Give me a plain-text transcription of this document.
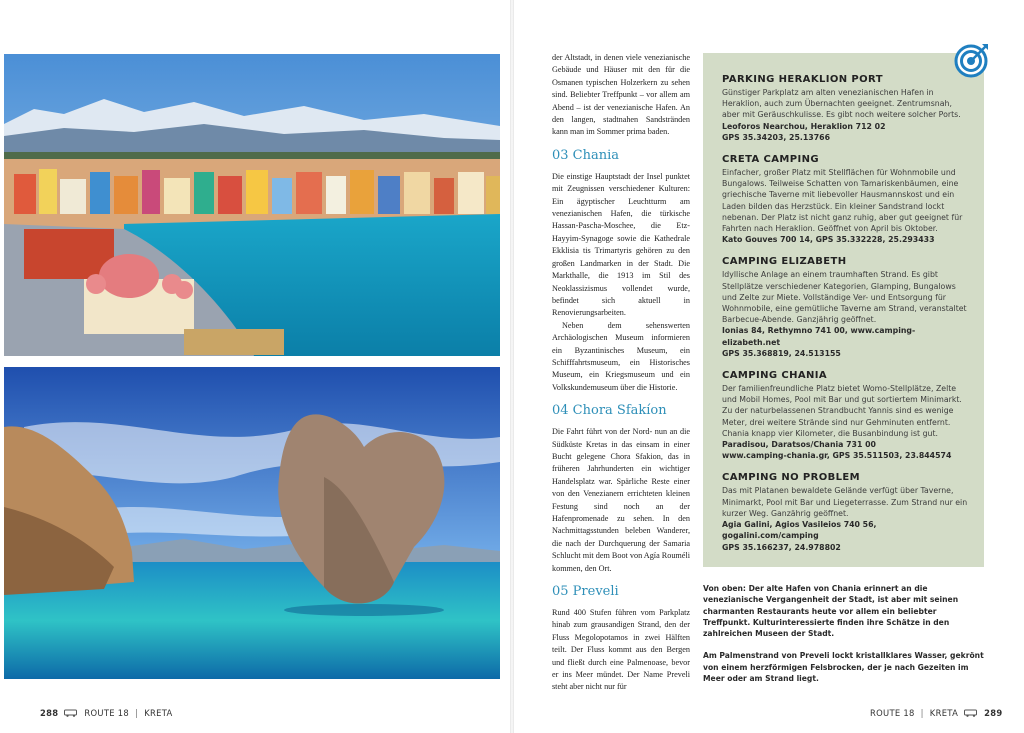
der Altstadt, in denen viele venezianische Gebäude und Häuser mit den für die Osmanen typischen Holzerkern zu sehen sind. Beliebter Treffpunkt – vor allem am Abend – ist der venezianische Hafen. An den langen, stadtnahen Sandstränden kann man im Sommer prima baden.

03 Chania

Die einstige Hauptstadt der Insel punktet mit Zeugnissen verschiedener Kulturen: Ein ägyptischer Leuchtturm am venezianischen Hafen, die türkische Hassan-Pascha-Moschee, die Etz-Hayyim-Synagoge sowie die Kathedrale Ekklisia tis Trimartyris gehören zu den großen Landmarken in der Stadt. Die Markthalle, die 1913 im Stil des Neoklassizismus vollendet wurde, befindet sich aktuell in Renovierungsarbeiten.

Neben dem sehenswerten Archäologischen Museum informieren ein Byzantinisches Museum, ein Schifffahrtsmuseum, ein Historisches Museum, ein Kriegsmuseum und ein Volkskundemuseum über die Historie.

04 Chora Sfakíon

Die Fahrt führt von der Nord- nun an die Südküste Kretas in das einsam in einer Bucht gelegene Chora Sfakion, das in früheren Jahrhunderten ein wichtiger Handelsplatz war. Spärliche Reste einer von den Venezianern errichteten kleinen Festung sind noch an der Hafenpromenade zu sehen. In den Nachmittagsstunden beleben Wanderer, die nach der Durchquerung der Samaria Schlucht mit dem Boot von Agía Rouméli kommen, den Ort.

05 Preveli

Rund 400 Stufen führen vom Parkplatz hinab zum grausandigen Strand, den der Fluss Megolopotamos in zwei Hälften teilt. Der Fluss kommt aus den Bergen und fließt durch eine Palmenoase, bevor er ins Meer mündet. Der Name Preveli steht aber nicht nur für

PARKING HERAKLION PORT
Günstiger Parkplatz am alten venezianischen Hafen in Heraklion, auch zum Übernachten geeignet. Zentrumsnah, aber mit Geräuschkulisse. Es gibt noch weitere solcher Ports.
Leoforos Nearchou, Heraklion 712 02
GPS 35.34203, 25.13766
CRETA CAMPING
Einfacher, großer Platz mit Stellflächen für Wohnmobile und Bungalows. Teilweise Schatten von Tamariskenbäumen, eine griechische Taverne mit liebevoller Hausmannskost und ein Laden bilden das Herzstück. Ein kleiner Sandstrand lockt nebenan. Der Platz ist nicht ganz ruhig, aber gut geeignet für Fahrten nach Heraklion. Geöffnet von April bis Oktober.
Kato Gouves 700 14, GPS 35.332228, 25.293433
CAMPING ELIZABETH
Idyllische Anlage an einem traumhaften Strand. Es gibt Stellplätze verschiedener Kategorien, Glamping, Bungalows und Zelte zur Miete. Vollständige Ver- und Entsorgung für Wohnmobile, eine gemütliche Taverne am Strand, veranstaltet Barbecue-Abende. Ganzjährig geöffnet.
Ionias 84, Rethymno 741 00, www.camping-elizabeth.net
GPS 35.368819, 24.513155
CAMPING CHANIA
Der familienfreundliche Platz bietet Womo-Stellplätze, Zelte und Mobil Homes, Pool mit Bar und gut sortiertem Minimarkt. Zu der naturbelassenen Strandbucht Yannis sind es wenige Meter, drei weitere Strände sind nur Gehminuten entfernt. Chania knapp vier Kilometer, die Busanbindung ist gut.
Paradisou, Daratsos/Chania 731 00
www.camping-chania.gr, GPS 35.511503, 23.844574
CAMPING NO PROBLEM
Das mit Platanen bewaldete Gelände verfügt über Taverne, Minimarkt, Pool mit Bar und Liegeterrasse. Zum Strand nur ein kurzer Weg. Ganzährig geöffnet.
Agia Galini, Agios Vasileios 740 56, gogalini.com/camping
GPS 35.166237, 24.978802

Von oben: Der alte Hafen von Chania erinnert an die venezianische Vergangenheit der Stadt, ist aber mit seinen charmanten Restaurants heute vor allem ein beliebter Treffpunkt. Kulturinteressierte finden ihre Schätze in den zahlreichen Museen der Stadt.

Am Palmenstrand von Preveli lockt kristallklares Wasser, gekrönt von einem herzförmigen Felsbrocken, der je nach Gezeiten im Meer oder am Strand liegt.

288	ROUTE 18 | KRETA	ROUTE 18 | KRETA	289
